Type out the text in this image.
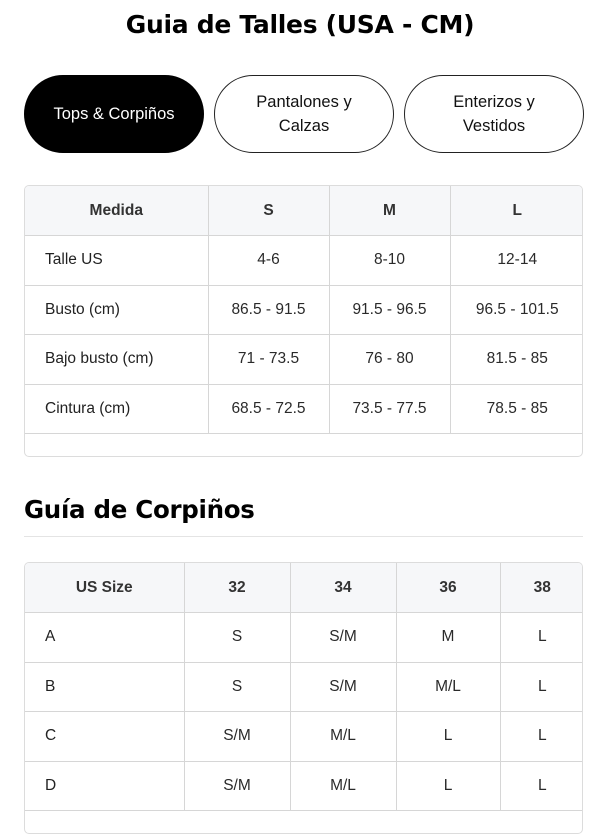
Guia de Talles (USA - CM)
Tops & Corpiños
Pantalones y Calzas
Enterizos y Vestidos
Medida	S	M	L
Talle US	4-6	8-10	12-14
Busto (cm)	86.5 - 91.5	91.5 - 96.5	96.5 - 101.5
Bajo busto (cm)	71 - 73.5	76 - 80	81.5 - 85
Cintura (cm)	68.5 - 72.5	73.5 - 77.5	78.5 - 85
Guía de Corpiños
US Size	32	34	36	38
A	S	S/M	M	L
B	S	S/M	M/L	L
C	S/M	M/L	L	L
D	S/M	M/L	L	L
